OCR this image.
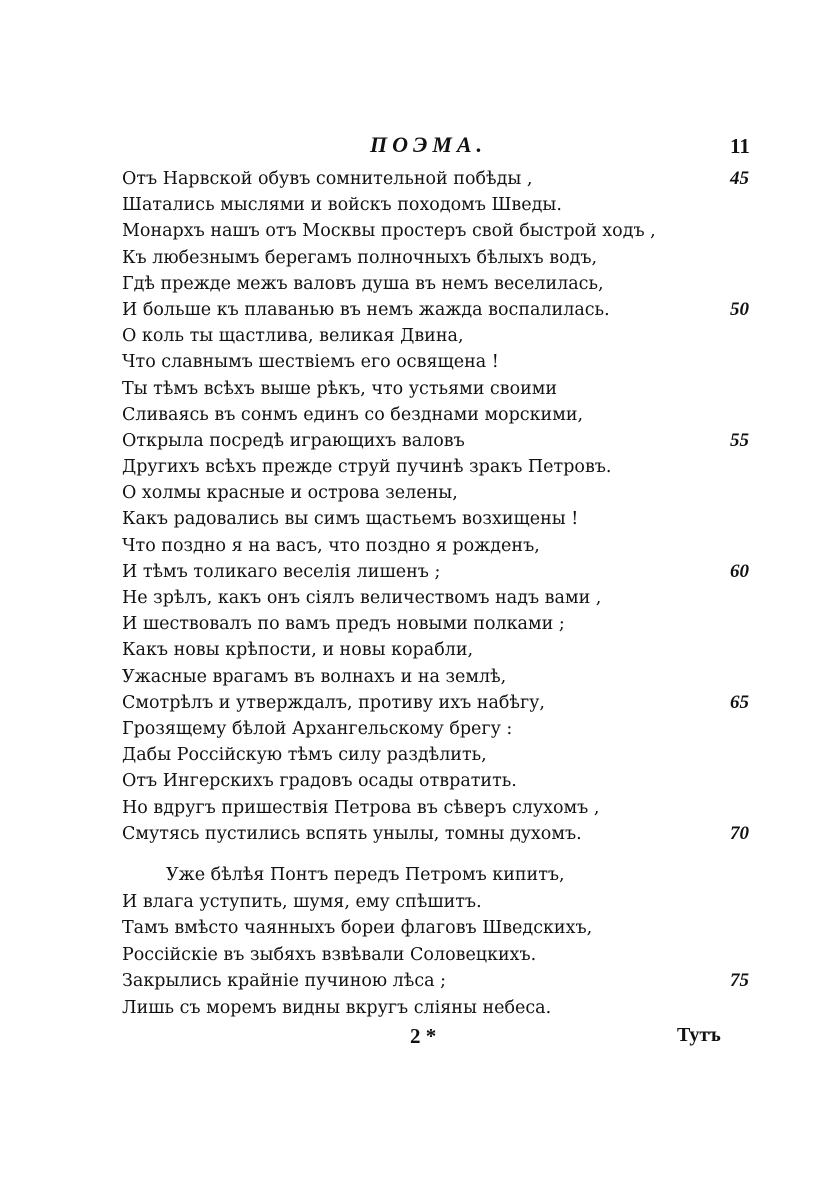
ПОЭМА.	11
Отъ Нарвской обувъ сомнительной побѣды ,	45
Шатались мыслями и войскъ походомъ Шведы.
Монархъ нашъ отъ Москвы простеръ свой быстрой ходъ ,
Къ любезнымъ берегамъ полночныхъ бѣлыхъ водъ,
Гдѣ прежде межъ валовъ душа въ немъ веселилась,
И больше къ плаванью въ немъ жажда воспалилась.	50
О коль ты щастлива, великая Двина,
Что славнымъ шествiемъ его освящена !
Ты тѣмъ всѣхъ выше рѣкъ, что устьями своими
Сливаясь въ сонмъ единъ со безднами морскими,
Открыла посредѣ играющихъ валовъ	55
Другихъ всѣхъ прежде струй пучинѣ зракъ Петровъ.
О холмы красные и острова зелены,
Какъ радовались вы симъ щастьемъ возхищены !
Что поздно я на васъ, что поздно я рожденъ,
И тѣмъ толикаго веселiя лишенъ ;	60
Не зрѣлъ, какъ онъ сiялъ величествомъ надъ вами ,
И шествовалъ по вамъ предъ новыми полками ;
Какъ новы крѣпости, и новы корабли,
Ужасные врагамъ въ волнахъ и на землѣ,
Смотрѣлъ и утверждалъ, противу ихъ набѣгу,	65
Грозящему бѣлой Архангельскому брегу :
Дабы Россiйскую тѣмъ силу раздѣлить,
Отъ Ингерскихъ градовъ осады отвратить.
Но вдругъ пришествiя Петрова въ сѣверъ слухомъ ,
Смутясь пустились вспять унылы, томны духомъ.	70
Уже бѣлѣя Понтъ передъ Петромъ кипитъ,
И влага уступить, шумя, ему спѣшитъ.
Тамъ вмѣсто чаянныхъ бореи флаговъ Шведскихъ,
Россiйскiе въ зыбяхъ взвѣвали Соловецкихъ.
Закрылись крайнiе пучиною лѣса ;	75
Лишь съ моремъ видны вкругъ слiяны небеса.
2 *	Тутъ
